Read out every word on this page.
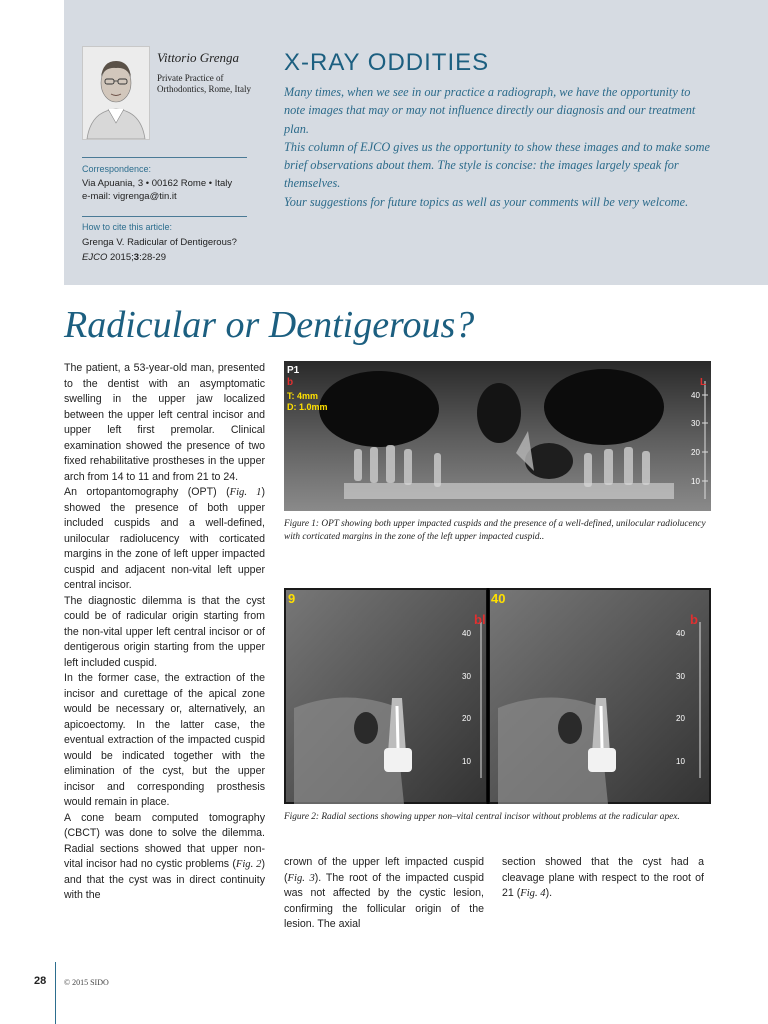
Vittorio Grenga
Private Practice of Orthodontics, Rome, Italy
Correspondence:
Via Apuania, 3 • 00162 Rome • Italy
e-mail: vigrenga@tin.it
How to cite this article:
Grenga V. Radicular of Dentigerous?
EJCO 2015;3:28-29
X-RAY ODDITIES

Many times, when we see in our practice a radiograph, we have the opportunity to note images that may or may not influence directly our diagnosis and our treatment plan.

This column of EJCO gives us the opportunity to show these images and to make some brief observations about them. The style is concise: the images largely speak for themselves.

Your suggestions for future topics as well as your comments will be very welcome.

Radicular or Dentigerous?

The patient, a 53-year-old man, presented to the dentist with an asymptomatic swelling in the upper jaw localized between the upper left central incisor and upper left first premolar. Clinical examination showed the presence of two fixed rehabilitative prostheses in the upper arch from 14 to 11 and from 21 to 24.

An ortopantomography (OPT) (Fig. 1) showed the presence of both upper included cuspids and a well-defined, unilocular radiolucency with corticated margins in the zone of left upper impacted cuspid and adjacent non-vital left upper central incisor.

The diagnostic dilemma is that the cyst could be of radicular origin starting from the non-vital upper left central incisor or of dentigerous origin starting from the upper left included cuspid.

In the former case, the extraction of the incisor and curettage of the apical zone would be necessary or, alternatively, an apicoectomy. In the latter case, the eventual extraction of the impacted cuspid would be indicated together with the elimination of the cyst, but the upper incisor and corresponding prosthesis would remain in place.

A cone beam computed tomography (CBCT) was done to solve the dilemma. Radial sections showed that upper non-vital incisor had no cystic problems (Fig. 2) and that the cyst was in direct continuity with the

40
30
20
10
P1
b
T: 4mm
D: 1.0mm
L
Figure 1: OPT showing both upper impacted cuspids and the presence of a well-defined, unilocular radiolucency with corticated margins in the zone of the left upper impacted cuspid..
40
30
20
10
40
30
20
10
9	40
bl	b
Figure 2: Radial sections showing upper non–vital central incisor without problems at the radicular apex.

crown of the upper left impacted cuspid (Fig. 3). The root of the impacted cuspid was not affected by the cystic lesion, confirming the follicular origin of the lesion. The axial

section showed that the cyst had a cleavage plane with respect to the root of 21 (Fig. 4).

28 © 2015 SIDO
